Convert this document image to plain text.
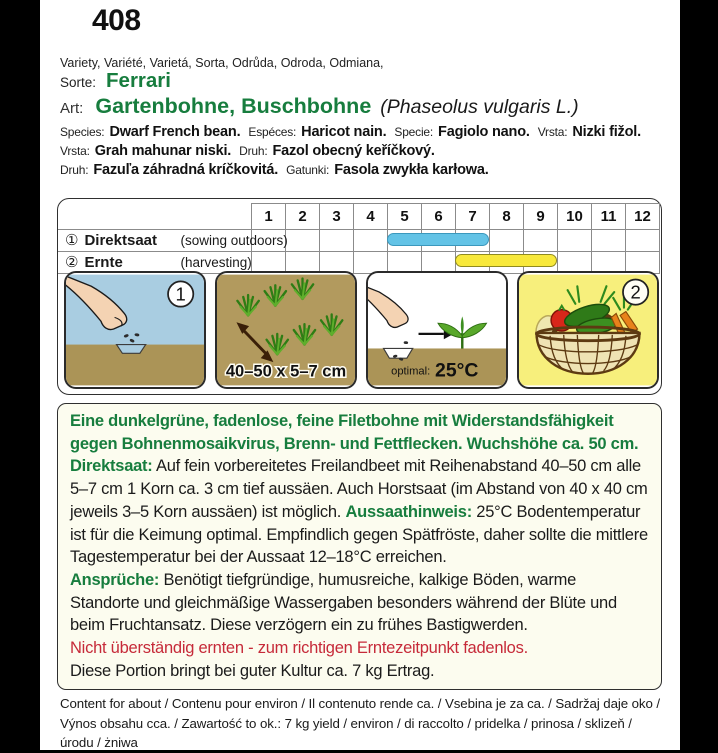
408
Variety, Variété, Varietá, Sorta, Odrůda, Odroda, Odmiana,
Sorte: Ferrari
Art: Gartenbohne, Buschbohne (Phaseolus vulgaris L.)
Species: Dwarf French bean. Espéces: Haricot nain. Specie: Fagiolo nano. Vrsta: Nizki fižol.
Vrsta: Grah mahunar niski. Druh: Fazol obecný keříčkový.
Druh: Fazuľa záhradná kríčkovitá. Gatunki: Fasola zwykła karłowa.
	1	2	3	4	5	6	7	8	9	10	11	12
① Direktsaat (sowing outdoors)												
② Ernte (harvesting)												
1
40–50 x 5–7 cm	optimal: 25°C
2

Eine dunkelgrüne, fadenlose, feine Filetbohne mit Widerstandsfähigkeit gegen Bohnenmosaikvirus, Brenn- und Fettflecken. Wuchshöhe ca. 50 cm.

Direktsaat: Auf fein vorbereitetes Freilandbeet mit Reihenabstand 40–50 cm alle 5–7 cm 1 Korn ca. 3 cm tief aussäen. Auch Horstsaat (im Abstand von 40 x 40 cm jeweils 3–5 Korn aussäen) ist möglich. Aussaathinweis: 25°C Bodentemperatur ist für die Keimung optimal. Empfindlich gegen Spätfröste, daher sollte die mittlere Tagestemperatur bei der Aussaat 12–18°C erreichen.

Ansprüche: Benötigt tiefgründige, humusreiche, kalkige Böden, warme Standorte und gleichmäßige Wassergaben besonders während der Blüte und beim Fruchtansatz. Diese verzögern ein zu frühes Bastigwerden.

Nicht überständig ernten - zum richtigen Erntezeitpunkt fadenlos.

Diese Portion bringt bei guter Kultur ca. 7 kg Ertrag.

Content for about / Contenu pour environ / Il contenuto rende ca. / Vsebina je za ca. / Sadržaj daje oko / Výnos obsahu cca. / Zawartość to ok.: 7 kg yield / environ / di raccolto / pridelka / prinosa / sklizeň / úrodu / żniwa
